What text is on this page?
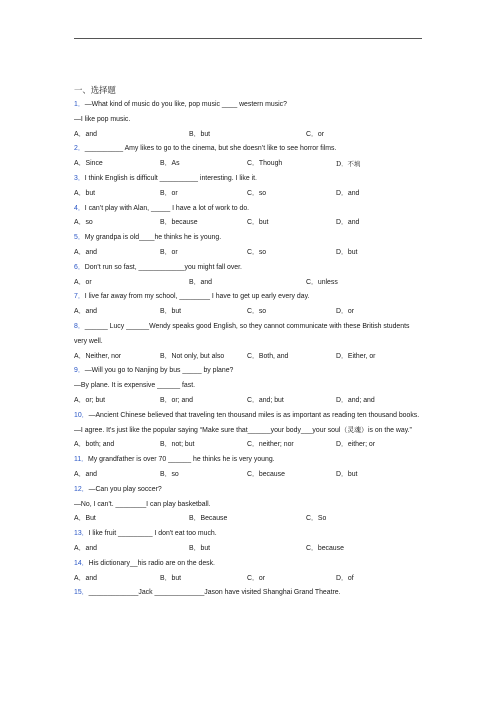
一、选择题
1．—What kind of music do you like, pop music ____ western music?
—I like pop music.
A．and	B．but	C．or
2．__________ Amy likes to go to the cinema, but she doesn’t like to see horror films.
A．Since	B．As	C．Though	D．不填
3．I think English is difficult __________ interesting. I like it.
A．but	B．or	C．so	D．and
4．I can’t play with Alan, _____ I have a lot of work to do.
A．so	B．because	C．but	D．and
5．My grandpa is old____he thinks he is young.
A．and	B．or	C．so	D．but
6．Don't run so fast, ____________you might fall over.
A．or	B．and	C．unless
7．I live far away from my school, ________ I have to get up early every day.
A．and	B．but	C．so	D．or
8．______ Lucy ______Wendy speaks good English, so they cannot communicate with these British students very well.
A．Neither, nor	B．Not only, but also	C．Both, and	D．Either, or
9．—Will you go to Nanjing by bus _____ by plane?
—By plane. It is expensive ______ fast.
A．or; but	B．or; and	C．and; but	D．and; and
10．—Ancient Chinese believed that traveling ten thousand miles is as important as reading ten thousand books.
—I agree. It's just like the popular saying “Make sure that______your body___your soul（灵魂）is on the way.”
A．both; and	B．not; but	C．neither; nor	D．either; or
11．My grandfather is over 70 ______ he thinks he is very young.
A．and	B．so	C．because	D．but
12．—Can you play soccer?
—No, I can't. ________I can play basketball.
A．But	B．Because	C．So
13．I like fruit _________ I don't eat too much.
A．and	B．but	C．because
14．His dictionary__his radio are on the desk.
A．and	B．but	C．or	D．of
15．_____________Jack _____________Jason have visited Shanghai Grand Theatre.
